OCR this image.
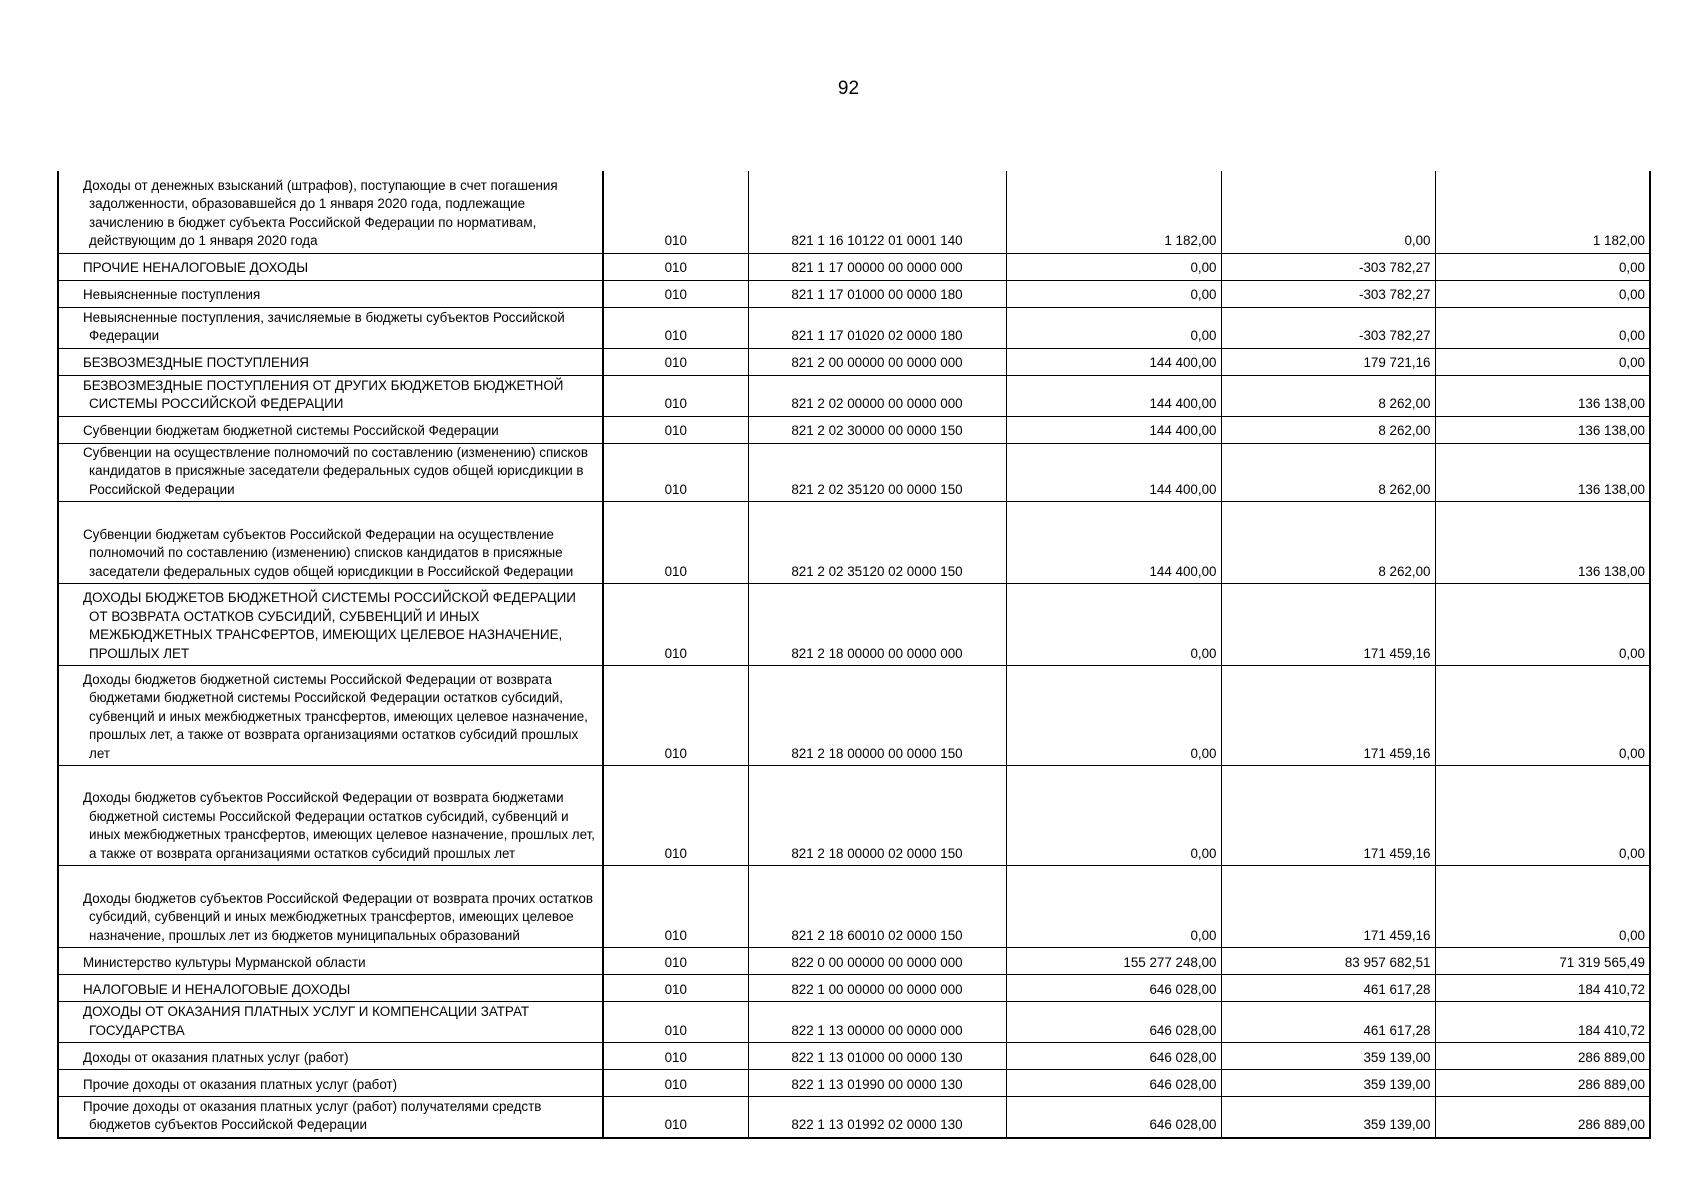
92
Доходы от денежных взысканий (штрафов), поступающие в счет погашения задолженности, образовавшейся до 1 января 2020 года, подлежащие зачислению в бюджет субъекта Российской Федерации по нормативам, действующим до 1 января 2020 года	010	821 1 16 10122 01 0001 140	1 182,00	0,00	1 182,00
ПРОЧИЕ НЕНАЛОГОВЫЕ ДОХОДЫ	010	821 1 17 00000 00 0000 000	0,00	-303 782,27	0,00
Невыясненные поступления	010	821 1 17 01000 00 0000 180	0,00	-303 782,27	0,00
Невыясненные поступления, зачисляемые в бюджеты субъектов Российской Федерации	010	821 1 17 01020 02 0000 180	0,00	-303 782,27	0,00
БЕЗВОЗМЕЗДНЫЕ ПОСТУПЛЕНИЯ	010	821 2 00 00000 00 0000 000	144 400,00	179 721,16	0,00
БЕЗВОЗМЕЗДНЫЕ ПОСТУПЛЕНИЯ ОТ ДРУГИХ БЮДЖЕТОВ БЮДЖЕТНОЙ СИСТЕМЫ РОССИЙСКОЙ ФЕДЕРАЦИИ	010	821 2 02 00000 00 0000 000	144 400,00	8 262,00	136 138,00
Субвенции бюджетам бюджетной системы Российской Федерации	010	821 2 02 30000 00 0000 150	144 400,00	8 262,00	136 138,00
Субвенции на осуществление полномочий по составлению (изменению) списков кандидатов в присяжные заседатели федеральных судов общей юрисдикции в Российской Федерации	010	821 2 02 35120 00 0000 150	144 400,00	8 262,00	136 138,00
Субвенции бюджетам субъектов Российской Федерации на осуществление полномочий по составлению (изменению) списков кандидатов в присяжные заседатели федеральных судов общей юрисдикции в Российской Федерации	010	821 2 02 35120 02 0000 150	144 400,00	8 262,00	136 138,00
ДОХОДЫ БЮДЖЕТОВ БЮДЖЕТНОЙ СИСТЕМЫ РОССИЙСКОЙ ФЕДЕРАЦИИ ОТ ВОЗВРАТА ОСТАТКОВ СУБСИДИЙ, СУБВЕНЦИЙ И ИНЫХ МЕЖБЮДЖЕТНЫХ ТРАНСФЕРТОВ, ИМЕЮЩИХ ЦЕЛЕВОЕ НАЗНАЧЕНИЕ, ПРОШЛЫХ ЛЕТ	010	821 2 18 00000 00 0000 000	0,00	171 459,16	0,00
Доходы бюджетов бюджетной системы Российской Федерации от возврата бюджетами бюджетной системы Российской Федерации остатков субсидий, субвенций и иных межбюджетных трансфертов, имеющих целевое назначение, прошлых лет, а также от возврата организациями остатков субсидий прошлых лет	010	821 2 18 00000 00 0000 150	0,00	171 459,16	0,00
Доходы бюджетов субъектов Российской Федерации от возврата бюджетами бюджетной системы Российской Федерации остатков субсидий, субвенций и иных межбюджетных трансфертов, имеющих целевое назначение, прошлых лет, а также от возврата организациями остатков субсидий прошлых лет	010	821 2 18 00000 02 0000 150	0,00	171 459,16	0,00
Доходы бюджетов субъектов Российской Федерации от возврата прочих остатков субсидий, субвенций и иных межбюджетных трансфертов, имеющих целевое назначение, прошлых лет из бюджетов муниципальных образований	010	821 2 18 60010 02 0000 150	0,00	171 459,16	0,00
Министерство культуры Мурманской области	010	822 0 00 00000 00 0000 000	155 277 248,00	83 957 682,51	71 319 565,49
НАЛОГОВЫЕ И НЕНАЛОГОВЫЕ ДОХОДЫ	010	822 1 00 00000 00 0000 000	646 028,00	461 617,28	184 410,72
ДОХОДЫ ОТ ОКАЗАНИЯ ПЛАТНЫХ УСЛУГ И КОМПЕНСАЦИИ ЗАТРАТ ГОСУДАРСТВА	010	822 1 13 00000 00 0000 000	646 028,00	461 617,28	184 410,72
Доходы от оказания платных услуг (работ)	010	822 1 13 01000 00 0000 130	646 028,00	359 139,00	286 889,00
Прочие доходы от оказания платных услуг (работ)	010	822 1 13 01990 00 0000 130	646 028,00	359 139,00	286 889,00
Прочие доходы от оказания платных услуг (работ) получателями средств бюджетов субъектов Российской Федерации	010	822 1 13 01992 02 0000 130	646 028,00	359 139,00	286 889,00
